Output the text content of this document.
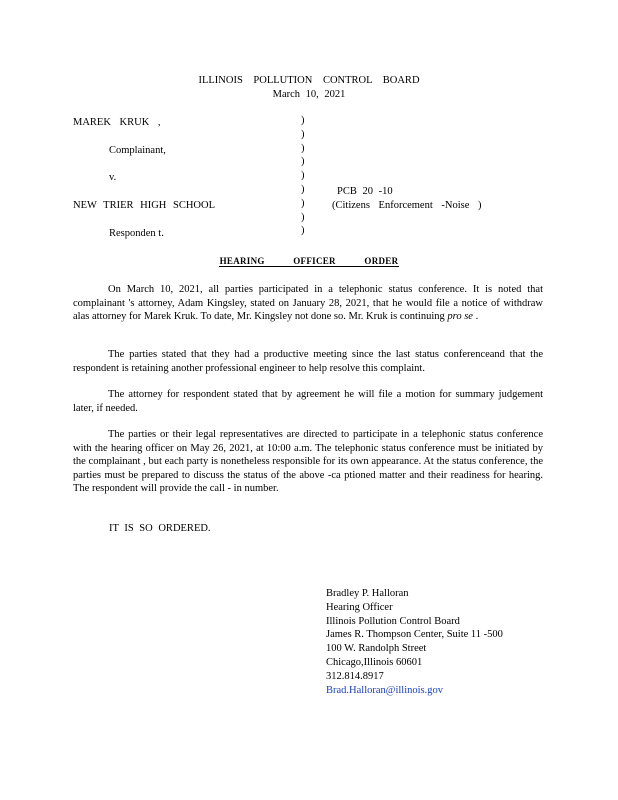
ILLINOIS POLLUTION CONTROL BOARD
March 10, 2021
MAREK KRUK ,
Complainant,
v.
NEW TRIER HIGH SCHOOL
Responden t.
)
)
)
)
)
)
)
)
)
PCB 20 -10
(Citizens Enforcement -Noise )
HEARING OFFICER ORDER
On March 10, 2021, all parties participated in a telephonic status conference. It is noted that complainant 's attorney, Adam Kingsley, stated on January 28, 2021, that he would file a notice of withdraw alas attorney for Marek Kruk. To date, Mr. Kingsley not done so. Mr. Kruk is continuing pro se .
The parties stated that they had a productive meeting since the last status conferenceand that the respondent is retaining another professional engineer to help resolve this complaint.
The attorney for respondent stated that by agreement he will file a motion for summary judgement later, if needed.
The parties or their legal representatives are directed to participate in a telephonic status conference with the hearing officer on May 26, 2021, at 10:00 a.m. The telephonic status conference must be initiated by the complainant , but each party is nonetheless responsible for its own appearance. At the status conference, the parties must be prepared to discuss the status of the above -ca ptioned matter and their readiness for hearing. The respondent will provide the call - in number.
IT IS SO ORDERED.
Bradley P. Halloran
Hearing Officer
Illinois Pollution Control Board
James R. Thompson Center, Suite 11 -500
100 W. Randolph Street
Chicago,Illinois 60601
312.814.8917
Brad.Halloran@illinois.gov
